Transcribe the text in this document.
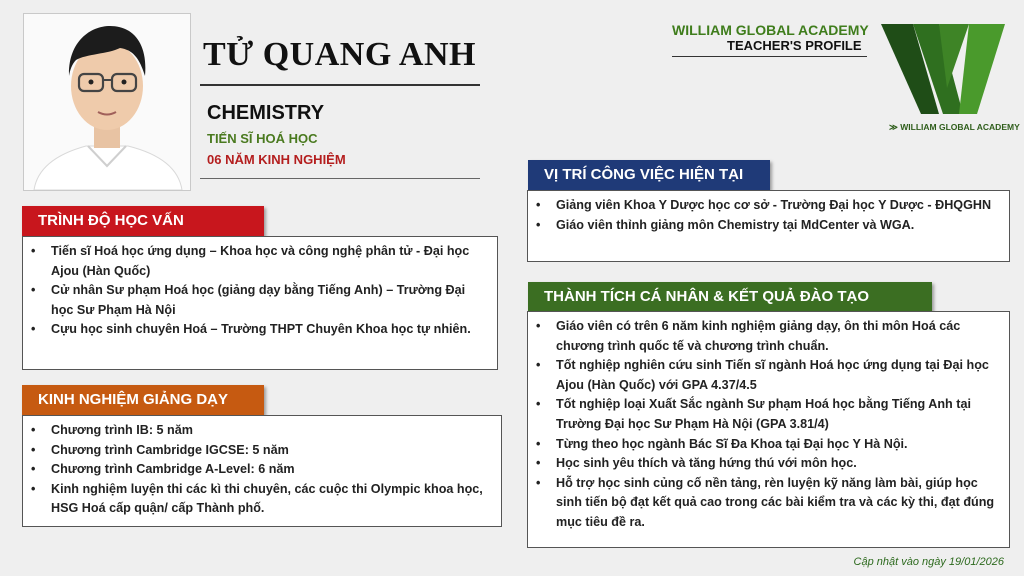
TỬ QUANG ANH
CHEMISTRY
TIẾN SĨ HOÁ HỌC
06 NĂM KINH NGHIỆM
WILLIAM GLOBAL ACADEMY
TEACHER'S PROFILE
≫ WILLIAM GLOBAL ACADEMY
TRÌNH ĐỘ HỌC VẤN
• Tiến sĩ Hoá học ứng dụng – Khoa học và công nghệ phân tử - Đại học Ajou (Hàn Quốc)
• Cử nhân Sư phạm Hoá học (giảng dạy bằng Tiếng Anh) – Trường Đại học Sư Phạm Hà Nội
• Cựu học sinh chuyên Hoá – Trường THPT Chuyên Khoa học tự nhiên.
KINH NGHIỆM GIẢNG DẠY
• Chương trình IB: 5 năm
• Chương trình Cambridge IGCSE: 5 năm
• Chương trình Cambridge A-Level: 6 năm
• Kinh nghiệm luyện thi các kì thi chuyên, các cuộc thi Olympic khoa học, HSG Hoá cấp quận/ cấp Thành phố.
VỊ TRÍ CÔNG VIỆC HIỆN TẠI
• Giảng viên Khoa Y Dược học cơ sở - Trường Đại học Y Dược - ĐHQGHN
• Giáo viên thỉnh giảng môn Chemistry tại MdCenter và WGA.
THÀNH TÍCH CÁ NHÂN & KẾT QUẢ ĐÀO TẠO
• Giáo viên có trên 6 năm kinh nghiệm giảng dạy, ôn thi môn Hoá các chương trình quốc tế và chương trình chuẩn.
• Tốt nghiệp nghiên cứu sinh Tiến sĩ ngành Hoá học ứng dụng tại Đại học Ajou (Hàn Quốc) với GPA 4.37/4.5
• Tốt nghiệp loại Xuất Sắc ngành Sư phạm Hoá học bằng Tiếng Anh tại Trường Đại học Sư Phạm Hà Nội (GPA 3.81/4)
• Từng theo học ngành Bác Sĩ Đa Khoa tại Đại học Y Hà Nội.
• Học sinh yêu thích và tăng hứng thú với môn học.
• Hỗ trợ học sinh củng cố nền tảng, rèn luyện kỹ năng làm bài, giúp học sinh tiến bộ đạt kết quả cao trong các bài kiểm tra và các kỳ thi, đạt đúng mục tiêu đề ra.
Cập nhật vào ngày 19/01/2026
